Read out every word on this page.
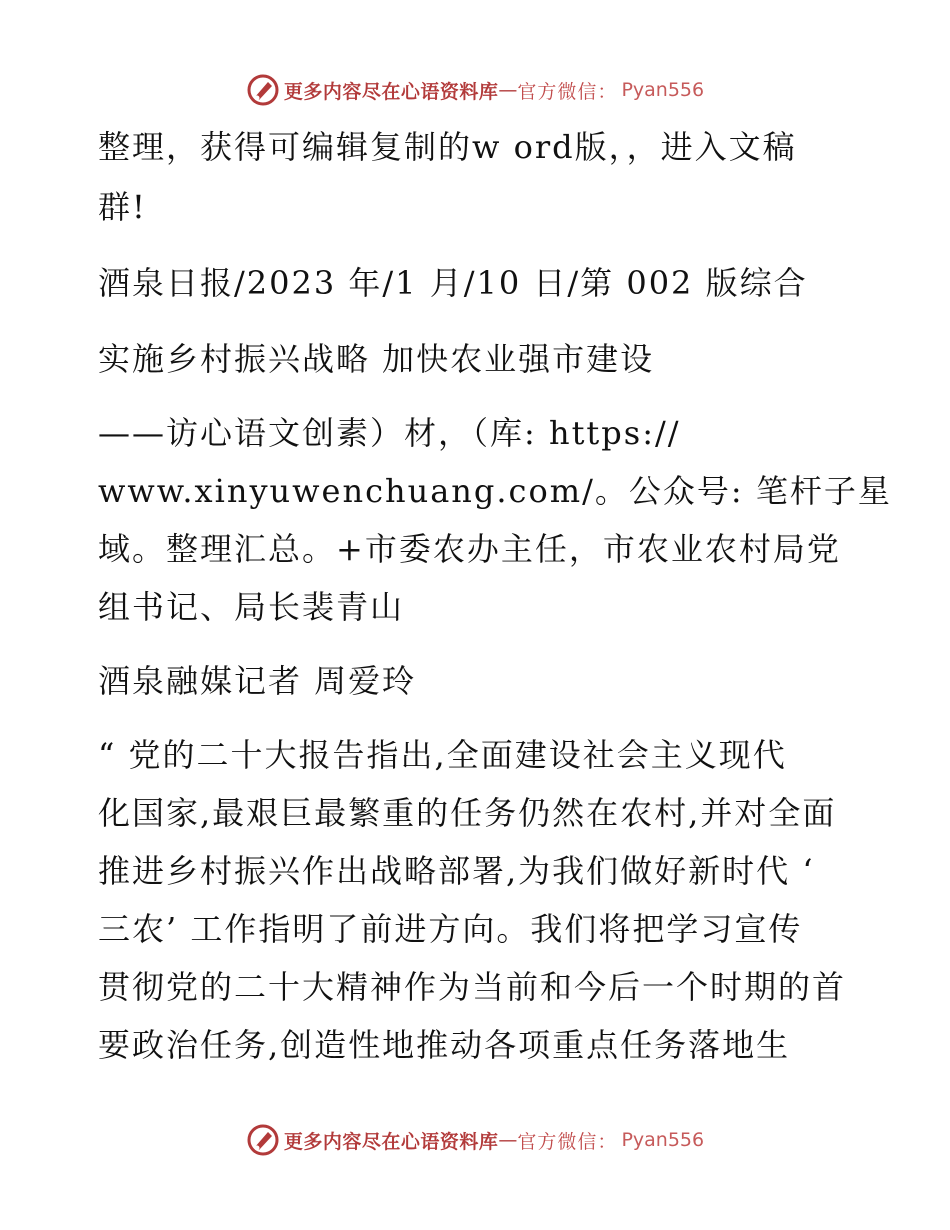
更多内容尽在心语资料库 — 官方微信： Pyan556
整理，获得可编辑复制的w ord版，，进入文稿
群!
酒泉日报/2023 年/1 月/10 日/第 002 版综合
实施乡村振兴战略 加快农业强市建设
——访心语文创素）材，（库: https://
www.xinyuwenchuang.com/。公众号: 笔杆子星
域。整理汇总。+市委农办主任，市农业农村局党
组书记、局长裴青山
酒泉融媒记者 周爱玲
“ 党的二十大报告指出,全面建设社会主义现代
化国家,最艰巨最繁重的任务仍然在农村,并对全面
推进乡村振兴作出战略部署,为我们做好新时代 ‘
三农’ 工作指明了前进方向。我们将把学习宣传
贯彻党的二十大精神作为当前和今后一个时期的首
要政治任务,创造性地推动各项重点任务落地生
更多内容尽在心语资料库 — 官方微信： Pyan556
